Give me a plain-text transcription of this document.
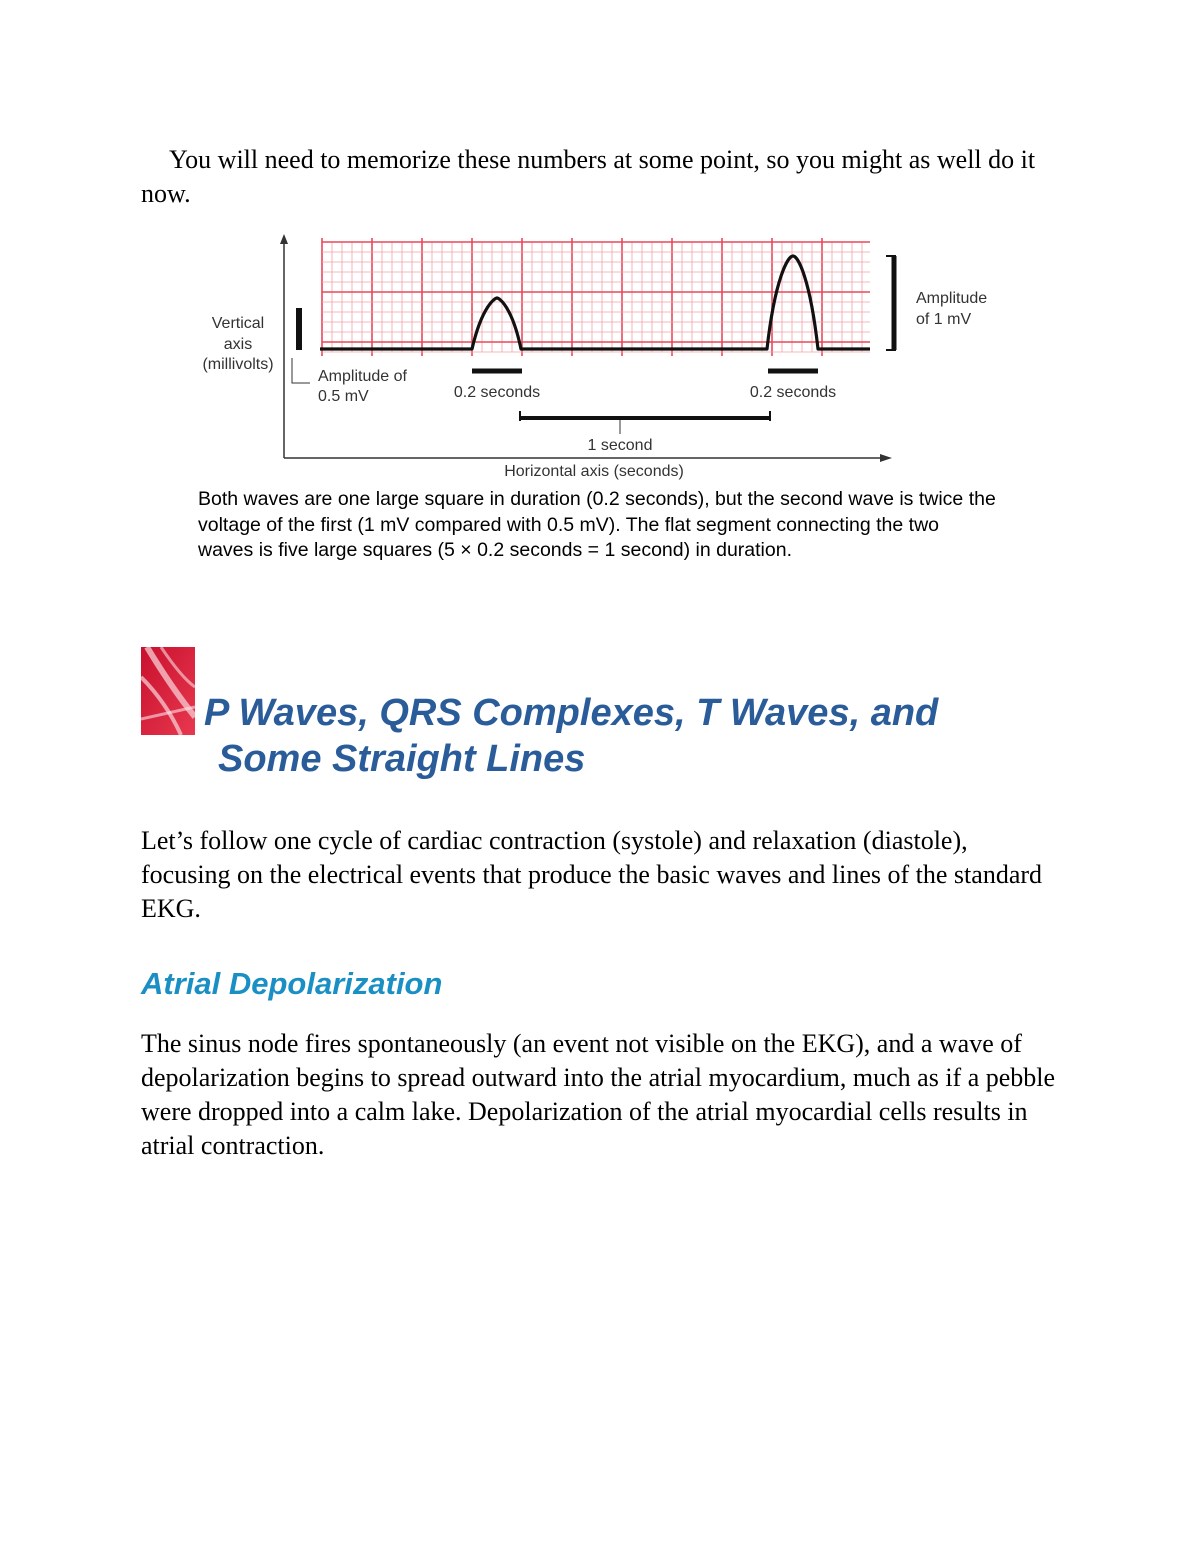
You will need to memorize these numbers at some point, so you might as well do it now.

Vertical
axis
(millivolts)
Amplitude of
0.5 mV
Amplitude
of 1 mV
0.2 seconds	0.2 seconds
1 second
Horizontal axis (seconds)

Both waves are one large square in duration (0.2 seconds), but the second wave is twice the voltage of the first (1 mV compared with 0.5 mV). The flat segment connecting the two waves is five large squares (5 × 0.2 seconds = 1 second) in duration.

P Waves, QRS Complexes, T Waves, and
Some Straight Lines

Let’s follow one cycle of cardiac contraction (systole) and relaxation (diastole), focusing on the electrical events that produce the basic waves and lines of the standard EKG.

Atrial Depolarization

The sinus node fires spontaneously (an event not visible on the EKG), and a wave of depolarization begins to spread outward into the atrial myocardium, much as if a pebble were dropped into a calm lake. Depolarization of the atrial myocardial cells results in atrial contraction.
